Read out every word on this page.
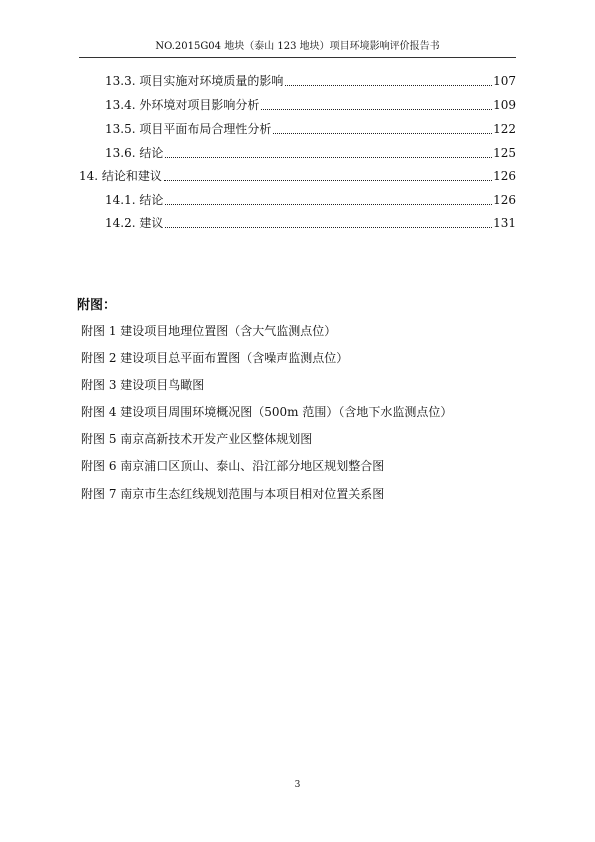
NO.2015G04 地块（泰山 123 地块）项目环境影响评价报告书
13.3. 项目实施对环境质量的影响	107
13.4. 外环境对项目影响分析	109
13.5. 项目平面布局合理性分析	122
13.6. 结论	125
14. 结论和建议	126
14.1. 结论	126
14.2. 建议	131
附图：
附图 1 建设项目地理位置图（含大气监测点位）
附图 2 建设项目总平面布置图（含噪声监测点位）
附图 3 建设项目鸟瞰图
附图 4 建设项目周围环境概况图（500m 范围）（含地下水监测点位）
附图 5 南京高新技术开发产业区整体规划图
附图 6 南京浦口区顶山、泰山、沿江部分地区规划整合图
附图 7 南京市生态红线规划范围与本项目相对位置关系图
3
